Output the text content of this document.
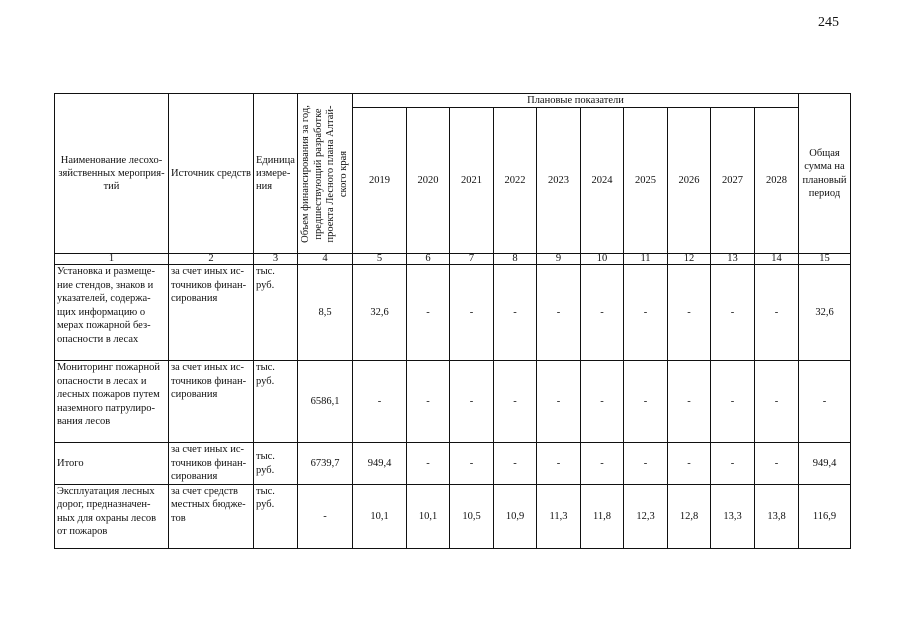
245
Наименование лесохо-зяйственных мероприя-тий	Источник средств	Единица измере-ния	Объем финансирования за год, предшествующий разработке проекта Лесного плана Алтай-ского края	Плановые показатели										Общая сумма на плановый период
				2019	2020	2021	2022	2023	2024	2025	2026	2027	2028	
1	2	3	4	5	6	7	8	9	10	11	12	13	14	15
Установка и размеще-ние стендов, знаков и указателей, содержа-щих информацию о мерах пожарной без-опасности в лесах	за счет иных ис-точников финан-сирования	тыс. руб.	8,5	32,6	-	-	-	-	-	-	-	-	-	32,6
Мониторинг пожарной опасности в лесах и лесных пожаров путем наземного патрулиро-вания лесов	за счет иных ис-точников финан-сирования	тыс. руб.	6586,1	-	-	-	-	-	-	-	-	-	-	-
Итого	за счет иных ис-точников финан-сирования	тыс. руб.	6739,7	949,4	-	-	-	-	-	-	-	-	-	949,4
Эксплуатация лесных дорог, предназначен-ных для охраны лесов от пожаров	за счет средств местных бюдже-тов	тыс. руб.	-	10,1	10,1	10,5	10,9	11,3	11,8	12,3	12,8	13,3	13,8	116,9
